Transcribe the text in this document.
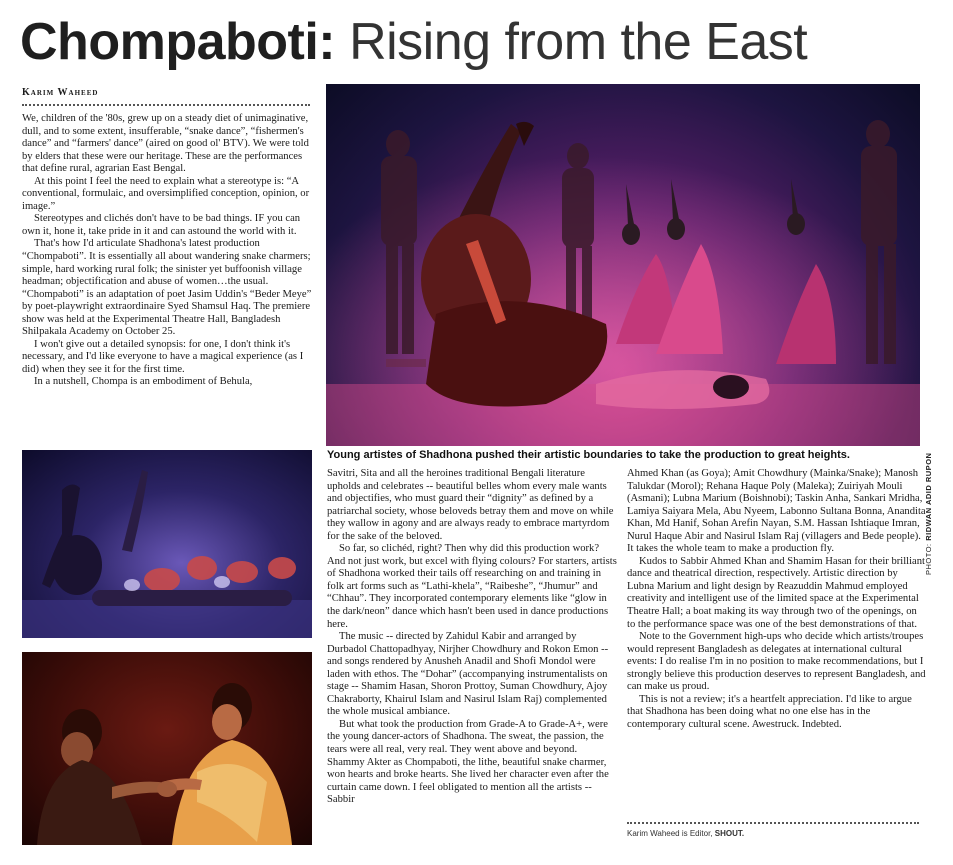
Chompaboti: Rising from the East
Karim Waheed

We, children of the '80s, grew up on a steady diet of unimaginative, dull, and to some extent, insufferable, “snake dance”, “fishermen's dance” and “farmers' dance” (aired on good ol' BTV). We were told by elders that these were our heritage. These are the performances that define rural, agrarian East Bengal.

At this point I feel the need to explain what a stereotype is: “A conventional, formulaic, and oversimplified conception, opinion, or image.”

Stereotypes and clichés don't have to be bad things. IF you can own it, hone it, take pride in it and can astound the world with it.

That's how I'd articulate Shadhona's latest production “Chompaboti”. It is essentially all about wandering snake charmers; simple, hard working rural folk; the sinister yet buffoonish village headman; objectification and abuse of women…the usual. “Chompaboti” is an adaptation of poet Jasim Uddin's “Beder Meye” by poet-playwright extraordinaire Syed Shamsul Haq. The premiere show was held at the Experimental Theatre Hall, Bangladesh Shilpakala Academy on October 25.

I won't give out a detailed synopsis: for one, I don't think it's necessary, and I'd like everyone to have a magical experience (as I did) when they see it for the first time.

In a nutshell, Chompa is an embodiment of Behula,

PHOTO: RIDWAN ADID RUPON
Young artistes of Shadhona pushed their artistic boundaries to take the production to great heights.

Savitri, Sita and all the heroines traditional Bengali literature upholds and celebrates -- beautiful belles whom every male wants and objectifies, who must guard their “dignity” as defined by a patriarchal society, whose beloveds betray them and move on while they wallow in agony and are always ready to embrace martyrdom for the sake of the beloved.

So far, so clichéd, right? Then why did this production work? And not just work, but excel with flying colours? For starters, artists of Shadhona worked their tails off researching on and training in folk art forms such as “Lathi-khela”, “Raibeshe”, “Jhumur” and “Chhau”. They incorporated contemporary elements like “glow in the dark/neon” dance which hasn't been used in dance productions here.

The music -- directed by Zahidul Kabir and arranged by Durbadol Chattopadhyay, Nirjher Chowdhury and Rokon Emon -- and songs rendered by Anusheh Anadil and Shofi Mondol were laden with ethos. The “Dohar” (accompanying instrumentalists on stage -- Shamim Hasan, Shoron Prottoy, Suman Chowdhury, Ajoy Chakraborty, Khairul Islam and Nasirul Islam Raj) complemented the whole musical ambiance.

But what took the production from Grade-A to Grade-A+, were the young dancer-actors of Shadhona. The sweat, the passion, the tears were all real, very real. They went above and beyond. Shammy Akter as Chompaboti, the lithe, beautiful snake charmer, won hearts and broke hearts. She lived her character even after the curtain came down. I feel obligated to mention all the artists -- Sabbir

Ahmed Khan (as Goya); Amit Chowdhury (Mainka/Snake); Manosh Talukdar (Morol); Rehana Haque Poly (Maleka); Zuiriyah Mouli (Asmani); Lubna Marium (Boishnobi); Taskin Anha, Sankari Mridha, Lamiya Saiyara Mela, Abu Nyeem, Labonno Sultana Bonna, Anandita Khan, Md Hanif, Sohan Arefin Nayan, S.M. Hassan Ishtiaque Imran, Nurul Haque Abir and Nasirul Islam Raj (villagers and Bede people). It takes the whole team to make a production fly.

Kudos to Sabbir Ahmed Khan and Shamim Hasan for their brilliant dance and theatrical direction, respectively. Artistic direction by Lubna Marium and light design by Reazuddin Mahmud employed creativity and intelligent use of the limited space at the Experimental Theatre Hall; a boat making its way through two of the openings, on to the performance space was one of the best demonstrations of that.

Note to the Government high-ups who decide which artists/troupes would represent Bangladesh as delegates at international cultural events: I do realise I'm in no position to make recommendations, but I strongly believe this production deserves to represent Bangladesh, and can make us proud.

This is not a review; it's a heartfelt appreciation. I'd like to argue that Shadhona has been doing what no one else has in the contemporary cultural scene. Awestruck. Indebted.

Karim Waheed is Editor, SHOUT.
